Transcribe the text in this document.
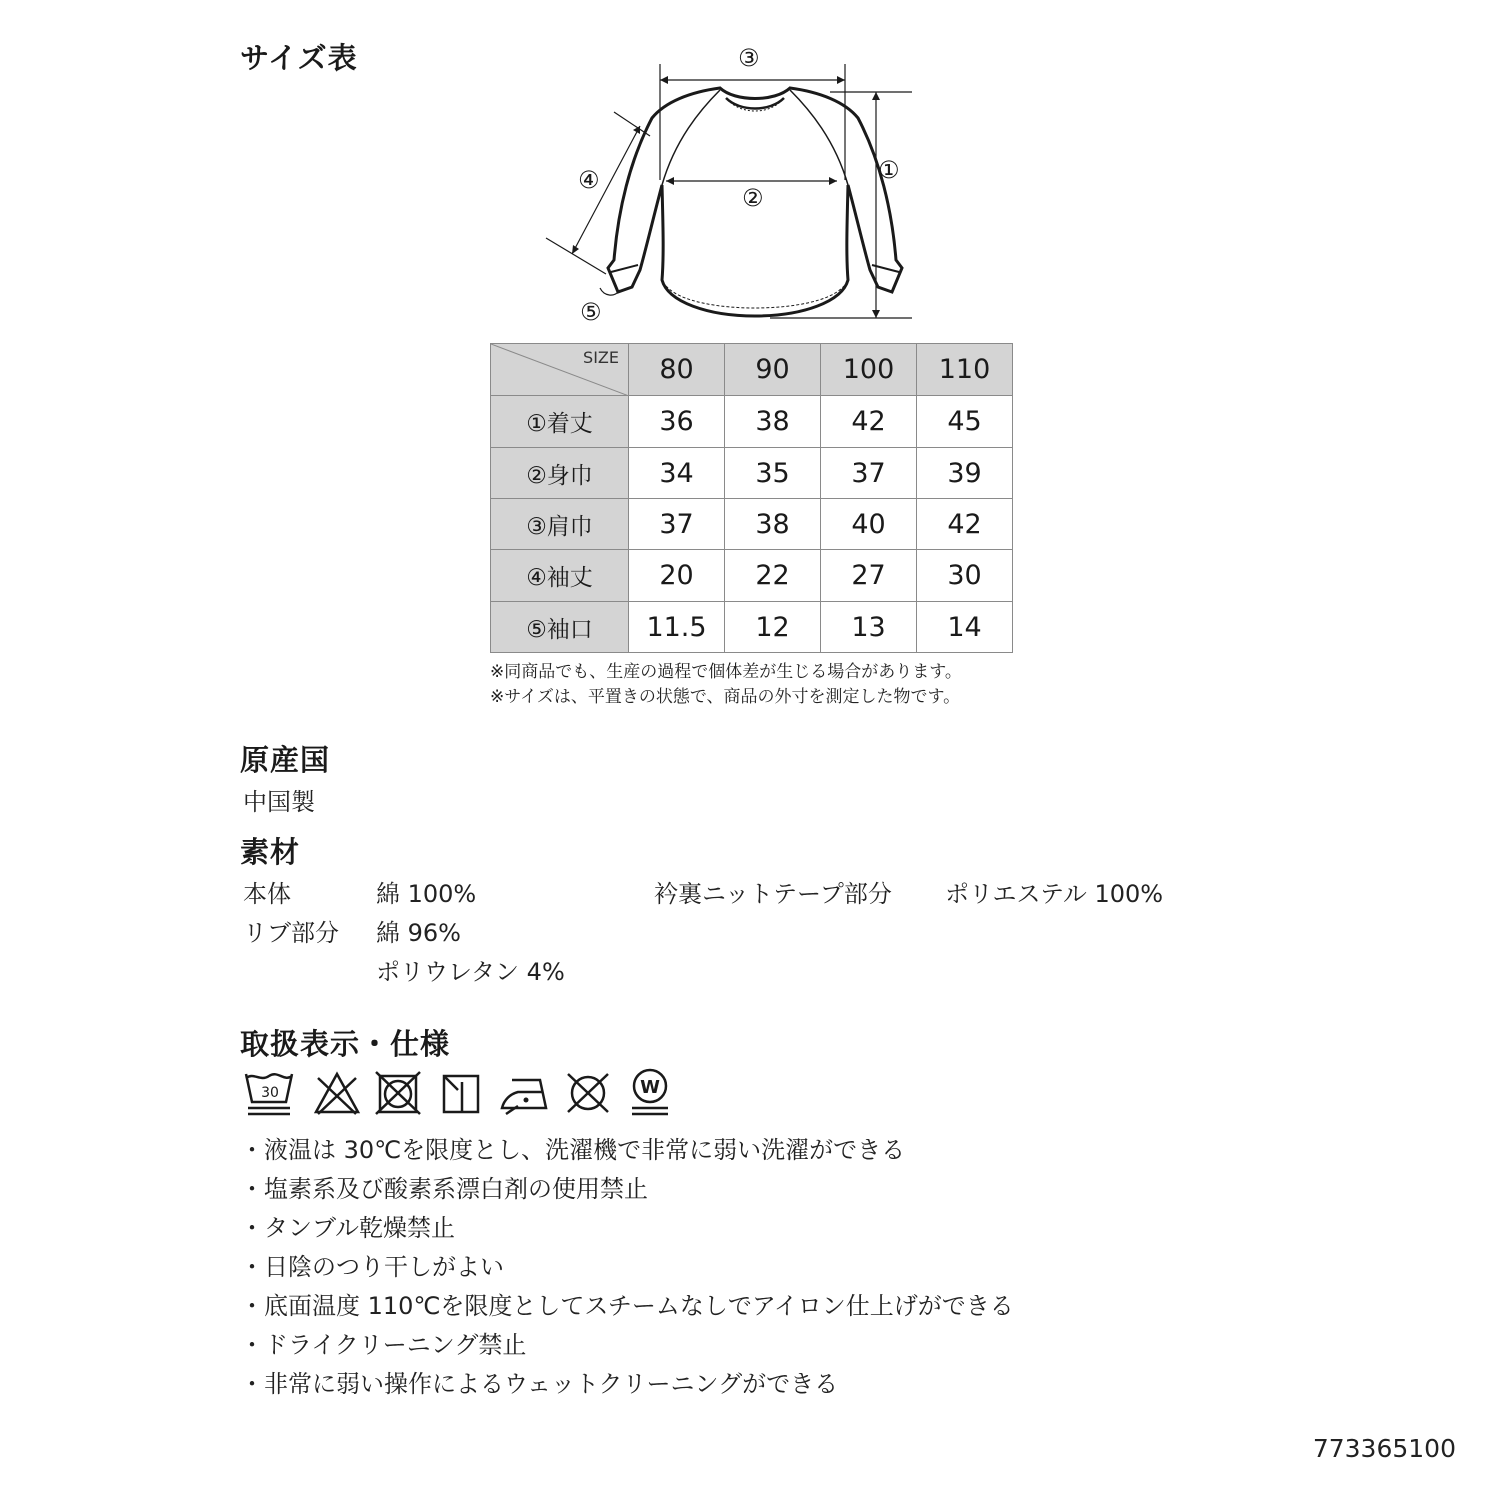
サイズ表	③
①
②
④
⑤
SIZE	80	90	100	110
①着丈	36	38	42	45
②身巾	34	35	37	39
③肩巾	37	38	40	42
④袖丈	20	22	27	30
⑤袖口	11.5	12	13	14
※同商品でも、生産の過程で個体差が生じる場合があります。
※サイズは、平置きの状態で、商品の外寸を測定した物です。
原産国
中国製
素材
本体	綿 100%	衿裏ニットテープ部分 ポリエステル 100%
リブ部分 綿 96%
ポリウレタン 4%
取扱表示・仕様
30	W
・液温は 30℃を限度とし、洗濯機で非常に弱い洗濯ができる
・塩素系及び酸素系漂白剤の使用禁止
・タンブル乾燥禁止
・日陰のつり干しがよい
・底面温度 110℃を限度としてスチームなしでアイロン仕上げができる
・ドライクリーニング禁止
・非常に弱い操作によるウェットクリーニングができる
773365100
